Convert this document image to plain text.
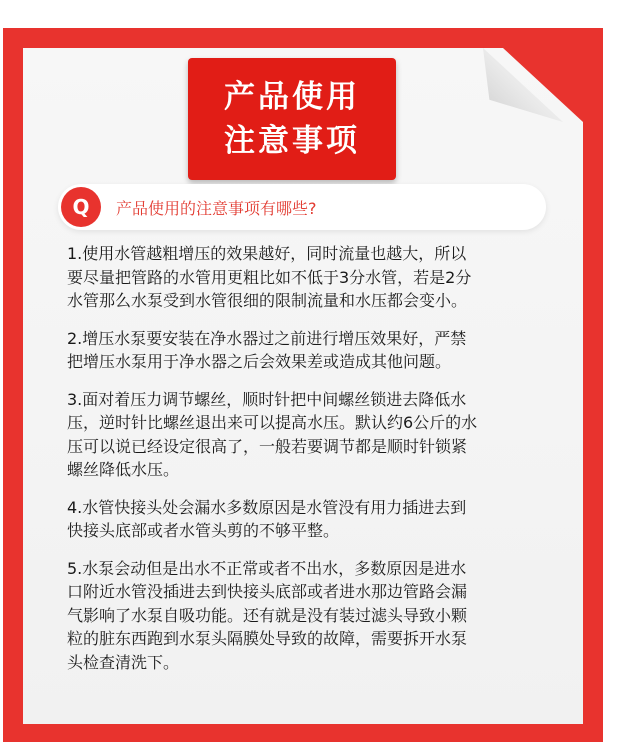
产品使用
注意事项
Q	产品使用的注意事项有哪些?

1.使用水管越粗增压的效果越好，同时流量也越大，所以
要尽量把管路的水管用更粗比如不低于3分水管，若是2分
水管那么水泵受到水管很细的限制流量和水压都会变小。

2.增压水泵要安装在净水器过之前进行增压效果好，严禁
把增压水泵用于净水器之后会效果差或造成其他问题。

3.面对着压力调节螺丝，顺时针把中间螺丝锁进去降低水
压，逆时针比螺丝退出来可以提高水压。默认约6公斤的水
压可以说已经设定很高了，一般若要调节都是顺时针锁紧
螺丝降低水压。

4.水管快接头处会漏水多数原因是水管没有用力插进去到
快接头底部或者水管头剪的不够平整。

5.水泵会动但是出水不正常或者不出水，多数原因是进水
口附近水管没插进去到快接头底部或者进水那边管路会漏
气影响了水泵自吸功能。还有就是没有装过滤头导致小颗
粒的脏东西跑到水泵头隔膜处导致的故障，需要拆开水泵
头检查清洗下。
